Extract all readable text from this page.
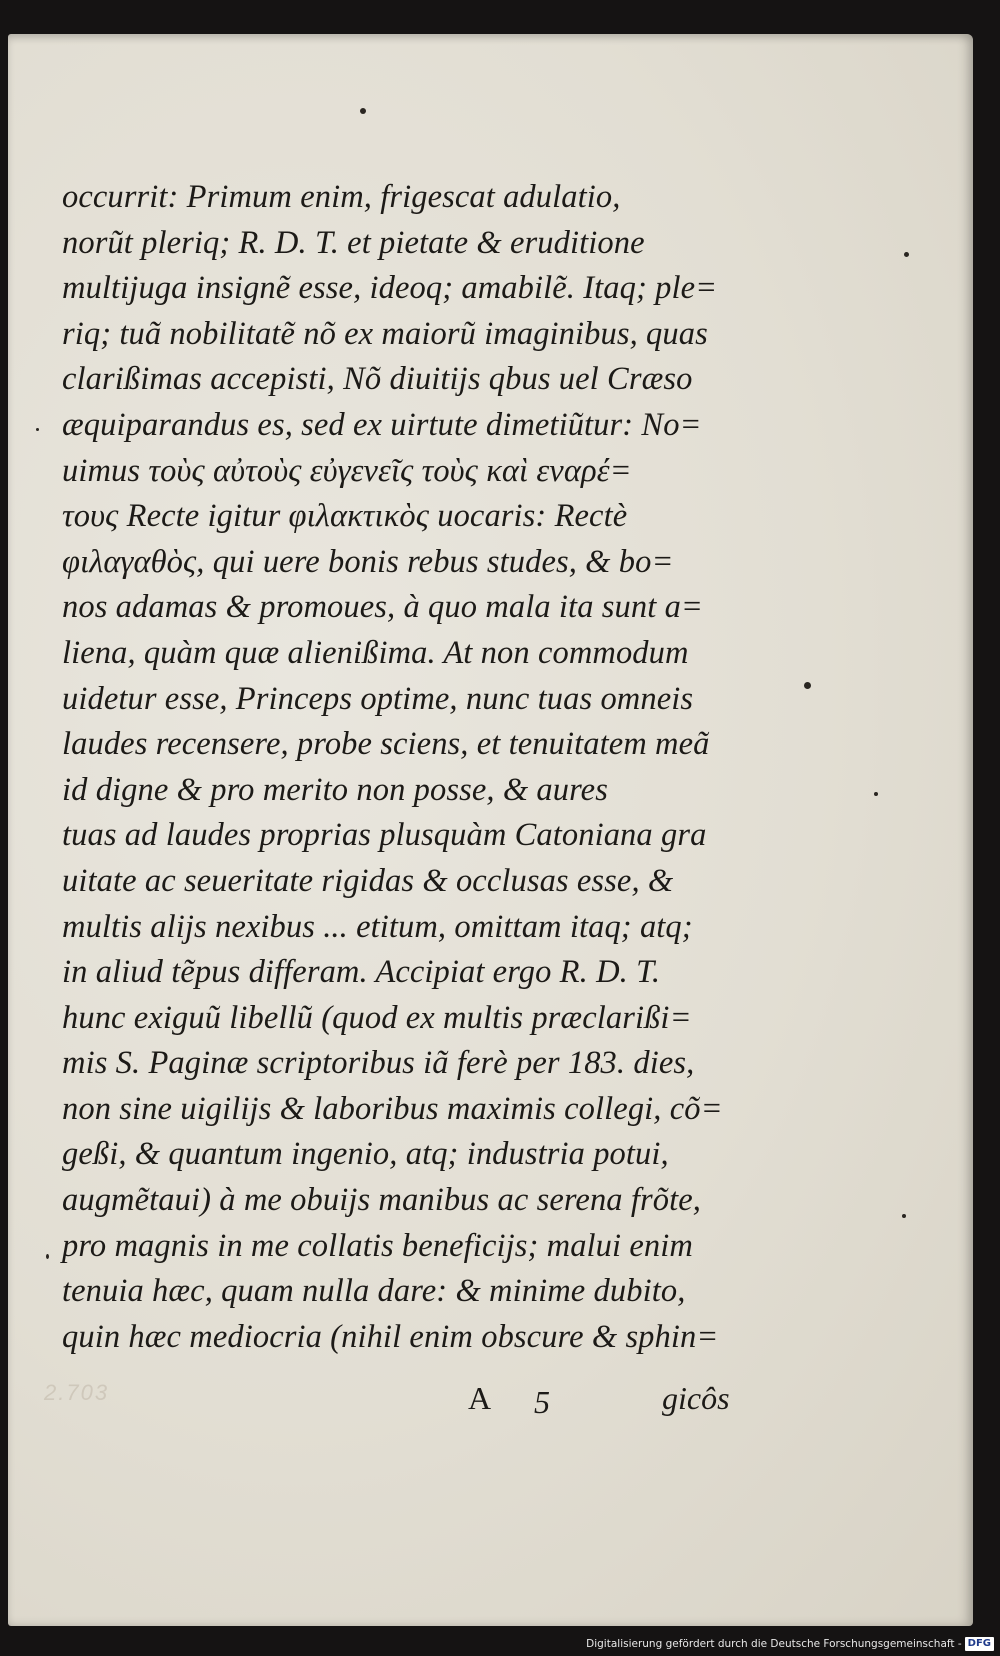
occurrit: Primum enim, frigescat adulatio,
norũt pleriq; R. D. T. et pietate & eruditione
multijuga insignẽ esse, ideoq; amabilẽ. Itaq; ple=
riq; tuã nobilitatẽ nõ ex maiorũ imaginibus, quas
clarißimas accepisti, Nõ diuitijs qbus uel Cræso
æquiparandus es, sed ex uirtute dimetiũtur: No=
uimus τοὺς αὐτοὺς εὐγενεῖς τοὺς καὶ εναρέ=
τους Recte igitur φιλακτικὸς uocaris: Rectè
φιλαγαθὸς, qui uere bonis rebus studes, & bo=
nos adamas & promoues, à quo mala ita sunt a=
liena, quàm quæ alienißima. At non commodum
uidetur esse, Princeps optime, nunc tuas omneis
laudes recensere, probe sciens, et tenuitatem meã
id digne & pro merito non posse, & aures
tuas ad laudes proprias plusquàm Catoniana gra
uitate ac seueritate rigidas & occlusas esse, &
multis alijs nexibus ... etitum, omittam itaq; atq;
in aliud tẽpus differam. Accipiat ergo R. D. T.
hunc exiguũ libellũ (quod ex multis præclarißi=
mis S. Paginæ scriptoribus iã ferè per 183. dies,
non sine uigilijs & laboribus maximis collegi, cõ=
geßi, & quantum ingenio, atq; industria potui,
augmẽtaui) à me obuijs manibus ac serena frõte,
pro magnis in me collatis beneficijs; malui enim
tenuia hæc, quam nulla dare: & minime dubito,
quin hæc mediocria (nihil enim obscure & sphin=
2.703	A 5	gicôs
Digitalisierung gefördert durch die Deutsche Forschungsgemeinschaft - DFG
